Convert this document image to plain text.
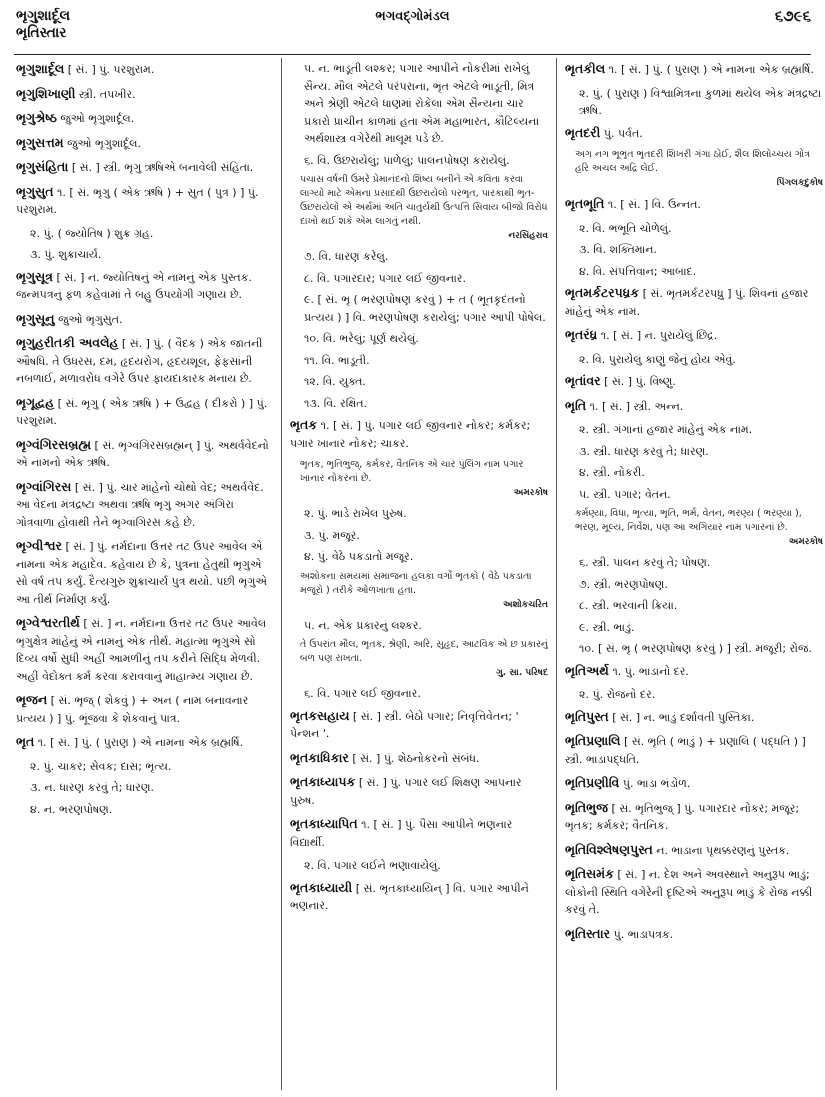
ભૃગુશાર્દૂલ
ભૃતિસ્તાર
ભગવદ્ગોમંડલ	૬૭૯૬
ભૃગુશાર્દૂલ [ સં. ] પું. પરશુરામ.
ભૃગુશિખાણી સ્ત્રી. તપખીર.
ભૃગુશ્રેષ્ઠ જુઓ ભૃગુશાર્દૂલ.
ભૃગુસત્તમ જુઓ ભૃગુશાર્દૂલ.
ભૃગુસંહિતા [ સં. ] સ્ત્રી. ભૃગુ ઋષિએ બનાવેલી સંહિતા.
ભૃગુસુત ૧. [ સં. ભૃગુ ( એક ઋષિ ) + સુત ( પુત્ર ) ] પું. પરશુરામ.
૨. પું. ( જ્યોતિષ ) શુક્ર ગ્રહ.
૩. પું. શુક્રાચાર્ય.
ભૃગુસૂત્ર [ સં. ] ન. જ્યોતિષનું એ નામનું એક પુસ્તક. જન્મપત્રનું ફળ કહેવામાં તે બહુ ઉપયોગી ગણાય છે.
ભૃગુસૂનુ જુઓ ભૃગુસુત.
ભૃગુહરીતકી અવલેહ [ સં. ] પું. ( વૈદક ) એક જાતની ઔષધિ. તે ઉધરસ, દમ, હૃદયરોગ, હૃદયશૂલ, ફેફસાંની નબળાઈ, મળાવરોધ વગેરે ઉપર ફાયદાકારક મનાય છે.
ભૃગૂદ્વહ [ સં. ભૃગુ ( એક ઋષિ ) + ઉદ્વહ ( દીકરો ) ] પું. પરશુરામ.
ભૃગ્વંગિરસબ્રહ્મ [ સં. ભૃગ્વંગિરસબ્રહ્મન્ ] પું. અથર્વવેદનો એ નામનો એક ઋષિ.
ભૃગ્વાંગિરસ [ સં. ] પું. ચાર માંહેનો ચોથો વેદ; અથર્વવેદ. આ વેદના મંત્રદ્રષ્ટા અથવા ઋષિ ભૃગુ અગર અંગિરા ગોત્રવાળા હોવાથી તેને ભૃગ્વાંગિરસ કહે છે.
ભૃગ્વીશ્વર [ સં. ] પું. નર્મદાના ઉત્તર તટ ઉપર આવેલ એ નામના એક મહાદેવ. કહેવાય છે કે, પુત્રના હેતુથી ભૃગુએ સો વર્ષ તપ કર્યું. દૈત્યગુરુ શુક્રાચાર્ય પુત્ર થયો. પછી ભૃગુએ આ તીર્થ નિર્માણ કર્યું.
ભૃગ્વેશ્વરતીર્થ [ સં. ] ન. નર્મદાના ઉત્તર તટ ઉપર આવેલ ભૃગુક્ષેત્ર માંહેનું એ નામનું એક તીર્થ. મહાત્મા ભૃગુએ સો દિવ્ય વર્ષો સુધી અહીં આમળીનું તપ કરીને સિદ્ધિ મેળવી. અહીં વેદોક્ત કર્મ કરવા કરાવવાનું માહાત્મ્ય ગણાય છે.
ભૃજન [ સં. ભૃજ્ ( શેકવું ) + અન ( નામ બનાવનાર પ્રત્યય ) ] પું. ભૂંજવા કે શેકવાનું પાત્ર.
ભૃત ૧. [ સં. ] પું. ( પુરાણ ) એ નામના એક બ્રહ્મર્ષિ.
૨. પું. ચાકર; સેવક; દાસ; ભૃત્ય.
૩. ન. ધારણ કરવું તે; ધારણ.
૪. ન. ભરણપોષણ.
૫. ન. ભાડૂતી લશ્કર; પગાર આપીને નોકરીમાં રાખેલું સૈન્ય. મૌલ એટલે પરંપરાના, ભૃત એટલે ભાડૂતી, મિત્ર અને શ્રેણી એટલે ધાણમાં રોકેલા એમ સૈન્યના ચાર પ્રકારો પ્રાચીન કાળમાં હતા એમ મહાભારત, કૌટિલ્યના અર્થશાસ્ત્ર વગેરેથી માલૂમ પડે છે.
૬. વિ. ઉછરાયેલું; પાળેલું; પાલનપોષણ કરાયેલું.
પચાસ વર્ષની ઉમરે પ્રેમાનંદનો શિષ્ય બનીને એ કવિતા કરવા લાગ્યો માટે એમના પ્રસાદથી ઉછરાયેલો પરભૃત, પારકાથી ભૃત-ઉછરાયેલો એ અર્થમાં અતિ ચાતુર્યથી ઉત્પત્તિ સિવાય બીજો વિરોધ દાખો થઈ શકે એમ લાગતું નથી.
નરસિંહરાવ
૭. વિ. ધારણ કરેલું.
૮. વિ. પગારદાર; પગાર લઈ જીવનાર.
૯. [ સં. ભૃ ( ભરણપોષણ કરવું ) + ત ( ભૂતકૃદંતનો પ્રત્યય ) ] વિ. ભરણપોષણ કરાયેલું; પગાર આપી પોષેલ.
૧૦. વિ. ભરેલું; પૂર્ણ થયેલું.
૧૧. વિ. ભાડૂતી.
૧૨. વિ. યુક્ત.
૧૩. વિ. રક્ષિત.
ભૃતક ૧. [ સં. ] પું. પગાર લઈ જીવનાર નોકર; કર્મકર; પગાર ખાનાર નોકર; ચાકર.
ભૃતક, ભૃતિભુજ્, કર્મકર, વૈતનિક એ ચાર પુંલિંગ નામ પગાર ખાનાર નોકરનાં છે.
અમરકોષ
૨. પું. ભાડે રાખેલ પુરુષ.
૩. પું. મજૂર.
૪. પું. વેઠે પકડાતો મજૂર.
અશોકના સમયમાં સમાજના હલકા વર્ગો ભૃતકો ( વેઠે પકડાતા મજૂરો ) તરીકે ઓળખાતા હતા.
અશોકચરિત
૫. ન. એક પ્રકારનું લશ્કર.
તે ઉપરાંત મૌલ, ભૃતક, શ્રેણી, અરિ, સુહૃદ, આટવિક એ છ પ્રકારનું બળ પણ રાખતા.
ગુ. સા. પરિષદ
૬. વિ. પગાર લઈ જીવનાર.
ભૃતકસહાય [ સં. ] સ્ત્રી. બેઠો પગાર; નિવૃત્તિવેતન; ' પેન્શન '.
ભૃતકાધિકાર [ સં. ] પું. શેઠનોકરનો સંબંધ.
ભૃતકાધ્યાપક [ સં. ] પું. પગાર લઈ શિક્ષણ આપનાર પુરુષ.
ભૃતકાધ્યાપિત ૧. [ સં. ] પું. પૈસા આપીને ભણનાર વિદ્યાર્થી.
૨. વિ. પગાર લઈને ભણાવાયેલું.
ભૃતકાધ્યાયી [ સં. ભૃતકાધ્યાયિન્ ] વિ. પગાર આપીને ભણનાર.
ભૃતકીલ ૧. [ સં. ] પું. ( પુરાણ ) એ નામના એક બ્રહ્મર્ષિ.
૨. પું. ( પુરાણ ) વિશ્વામિત્રના કુળમાં થયેલ એક મંત્રદ્રષ્ટા ઋષિ.
ભૃતદરી પું. પર્વત.
અગ નગ ભૂભૃત ભૃતદરી શિખરી ગંગા ઠોઈ, શૈલ શિલોચ્ચય ગોત્ર હરિ અચલ અદ્રિ લેઈ.
પિંગલકદુકોષ
ભૃતભૂતિ ૧. [ સં. ] વિ. ઉન્નત.
૨. વિ. ભભૂતિ ચોળેલું.
૩. વિ. શક્તિમાન.
૪. વિ. સંપત્તિવાન; આબાદ.
ભૃતમર્કટરપધ્રક [ સં. ભૃતમર્કટરપધ્રુ ] પું. શિવનાં હજાર માંહેનું એક નામ.
ભૃતરંધ્ર ૧. [ સં. ] ન. પુરાયેલું છિદ્ર.
૨. વિ. પુરાયેલું કાણું જેનું હોય એવું.
ભૃતાંવર [ સં. ] પું. વિષ્ણુ.
ભૃતિ ૧. [ સં. ] સ્ત્રી. અન્ન.
૨. સ્ત્રી. ગંગાનાં હજાર માંહેનું એક નામ.
૩. સ્ત્રી. ધારણ કરવું તે; ધારણ.
૪. સ્ત્રી. નોકરી.
૫. સ્ત્રી. પગાર; વેતન.
કર્મણ્યા, વિધા, ભૃત્યા, ભૃતિ, ભર્મ, વેતન, ભરણ્ય ( ભરણ્યા ), ભરણ, મૂલ્ય, નિર્વેશ, પણ આ અગિયાર નામ પગારનાં છે.
અમરકોષ
૬. સ્ત્રી. પાલન કરવું તે; પોષણ.
૭. સ્ત્રી. ભરણપોષણ.
૮. સ્ત્રી. ભરવાની ક્રિયા.
૯. સ્ત્રી. ભાડું.
૧૦. [ સં. ભૃ ( ભરણપોષણ કરવું ) ] સ્ત્રી. મજૂરી; રોજ.
ભૃતિઅર્થ ૧. પું. ભાડાનો દર.
૨. પું. રોજનો દર.
ભૃતિપુસ્ત [ સં. ] ન. ભાડું દર્શાવતી પુસ્તિકા.
ભૃતિપ્રણાલિ [ સં. ભૃતિ ( ભાડું ) + પ્રણાલિ ( પદ્ધતિ ) ] સ્ત્રી. ભાડાપદ્ધતિ.
ભૃતિપ્રણીવિ પું. ભાડા ભંડોળ.
ભૃતિભુજ [ સં. ભૃતિભુજ્ ] પું. પગારદાર નોકર; મજૂર; ભૃતક; કર્મકર; વૈતનિક.
ભૃતિવિશ્લેષણપુસ્ત ન. ભાડાના પૃથક્કરણનું પુસ્તક.
ભૃતિસમંક [ સં. ] ન. દેશ અને અવસ્થાને અનુરૂપ ભાડું; લોકોની સ્થિતિ વગેરેની દૃષ્ટિએ અનુરૂપ ભાડું કે રોજ નક્કી કરવું તે.
ભૃતિસ્તાર પું. ભાડાપત્રક.
